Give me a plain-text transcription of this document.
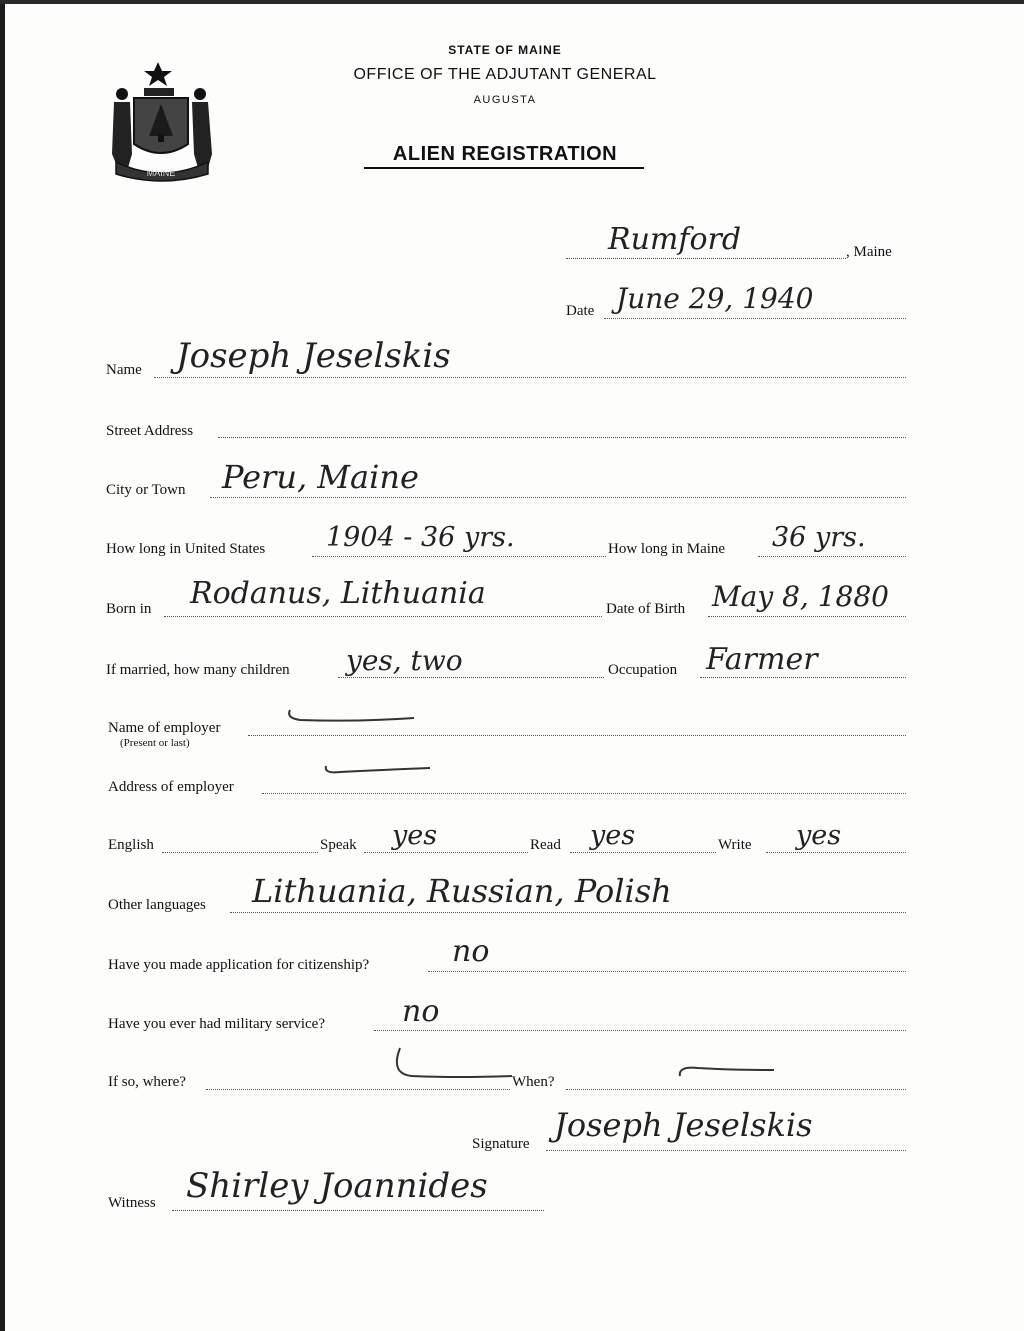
MAINE
STATE OF MAINE
OFFICE OF THE ADJUTANT GENERAL
AUGUSTA
ALIEN REGISTRATION
Rumford	, Maine
Date June 29, 1940
Name Joseph Jeselskis
Street Address
City or Town Peru, Maine
How long in United States 1904 - 36 yrs.	How long in Maine 36 yrs.
Born in Rodanus, Lithuania	Date of Birth May 8, 1880
If married, how many children yes, two	Occupation Farmer
Name of employer
(Present or last)
Address of employer
English	Speak yes	Read yes	Write yes
Other languages Lithuania, Russian, Polish
Have you made application for citizenship?	no
Have you ever had military service?	no
If so, where?	When?
Signature Joseph Jeselskis
Witness Shirley Joannides
